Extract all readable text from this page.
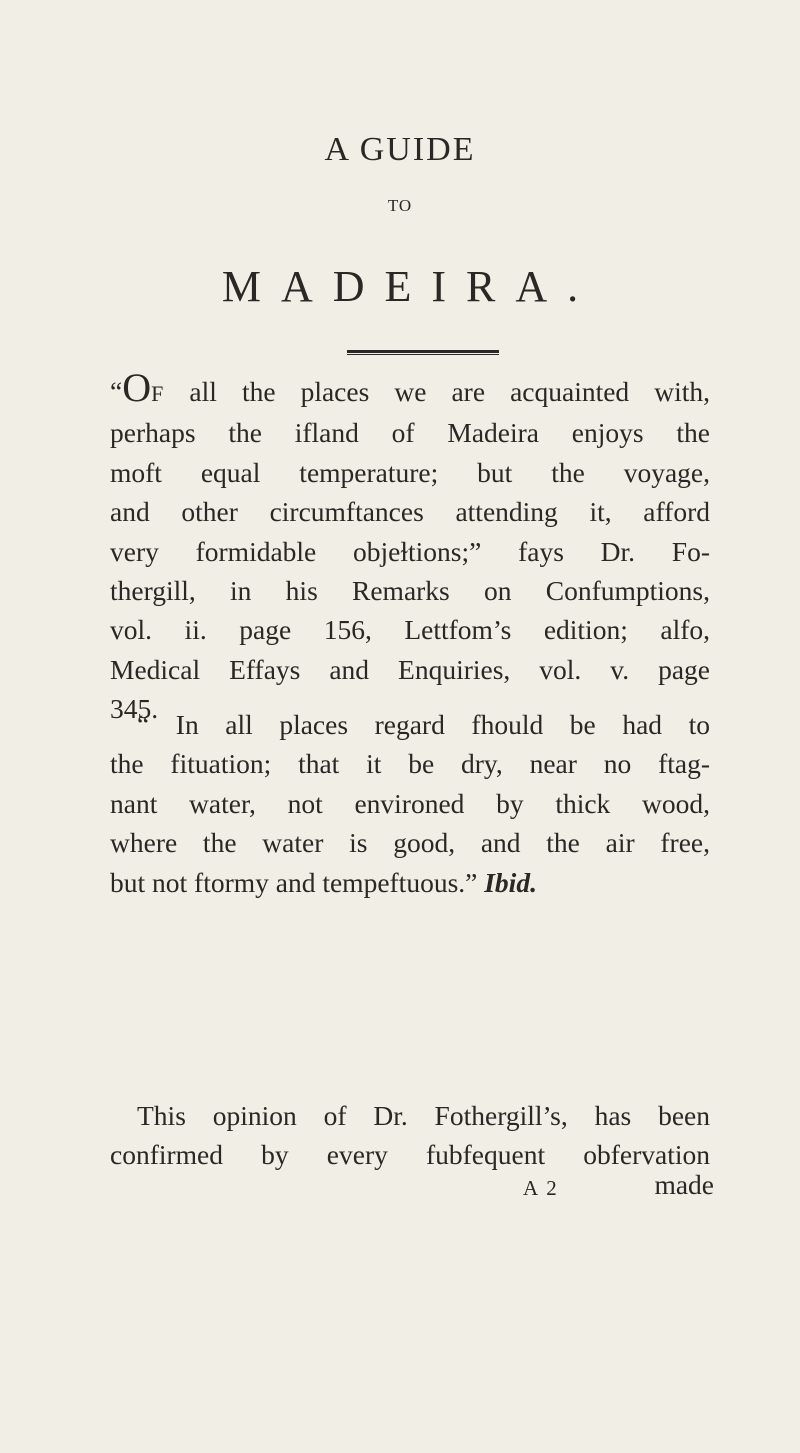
A GUIDE
TO
MADEIRA.
“OF all the places we are acquainted with,
perhaps the ifland of Madeira enjoys the
moft equal temperature; but the voyage,
and other circumftances attending it, afford
very formidable objeɫtions;” fays Dr. Fo-
thergill, in his Remarks on Confumptions,
vol. ii. page 156, Lettfom’s edition; alfo,
Medical Effays and Enquiries, vol. v. page
345.
“ In all places regard fhould be had to
the fituation; that it be dry, near no ftag-
nant water, not environed by thick wood,
where the water is good, and the air free,
but not ftormy and tempeftuous.” Ibid.
This opinion of Dr. Fothergill’s, has been
confirmed by every fubfequent obfervation
A 2	made
